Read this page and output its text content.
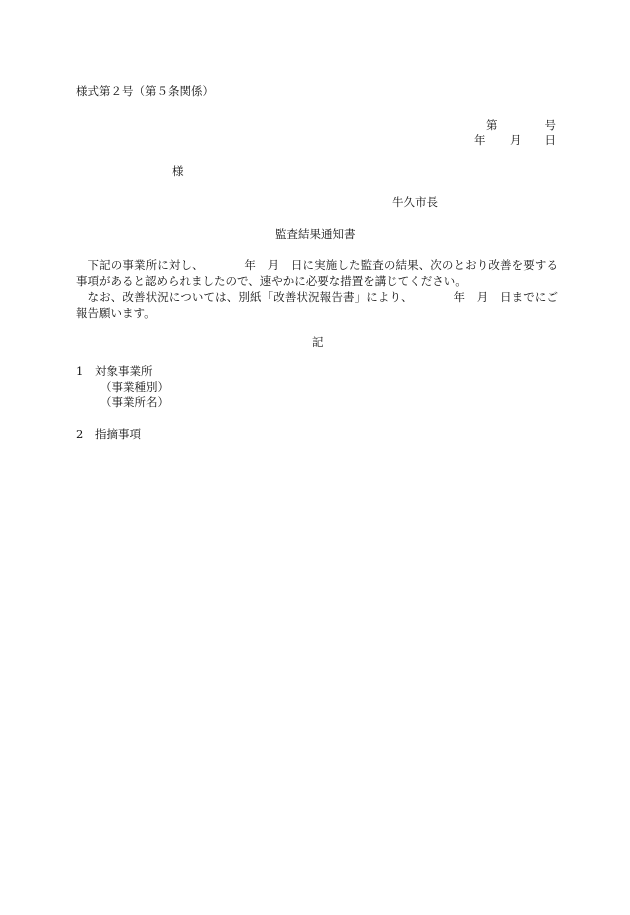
様式第２号（第５条関係）
第	号
年 月 日
様
牛久市長
監査結果通知書

下記の事業所に対し、　　　　年　月　日に実施した監査の結果、次のとおり改善を要する事項があると認められましたので、速やかに必要な措置を講じてください。

なお、改善状況については、別紙「改善状況報告書」により、　　　　年　月　日までにご報告願います。

記
1 対象事業所
（事業種別）
（事業所名）
2 指摘事項
